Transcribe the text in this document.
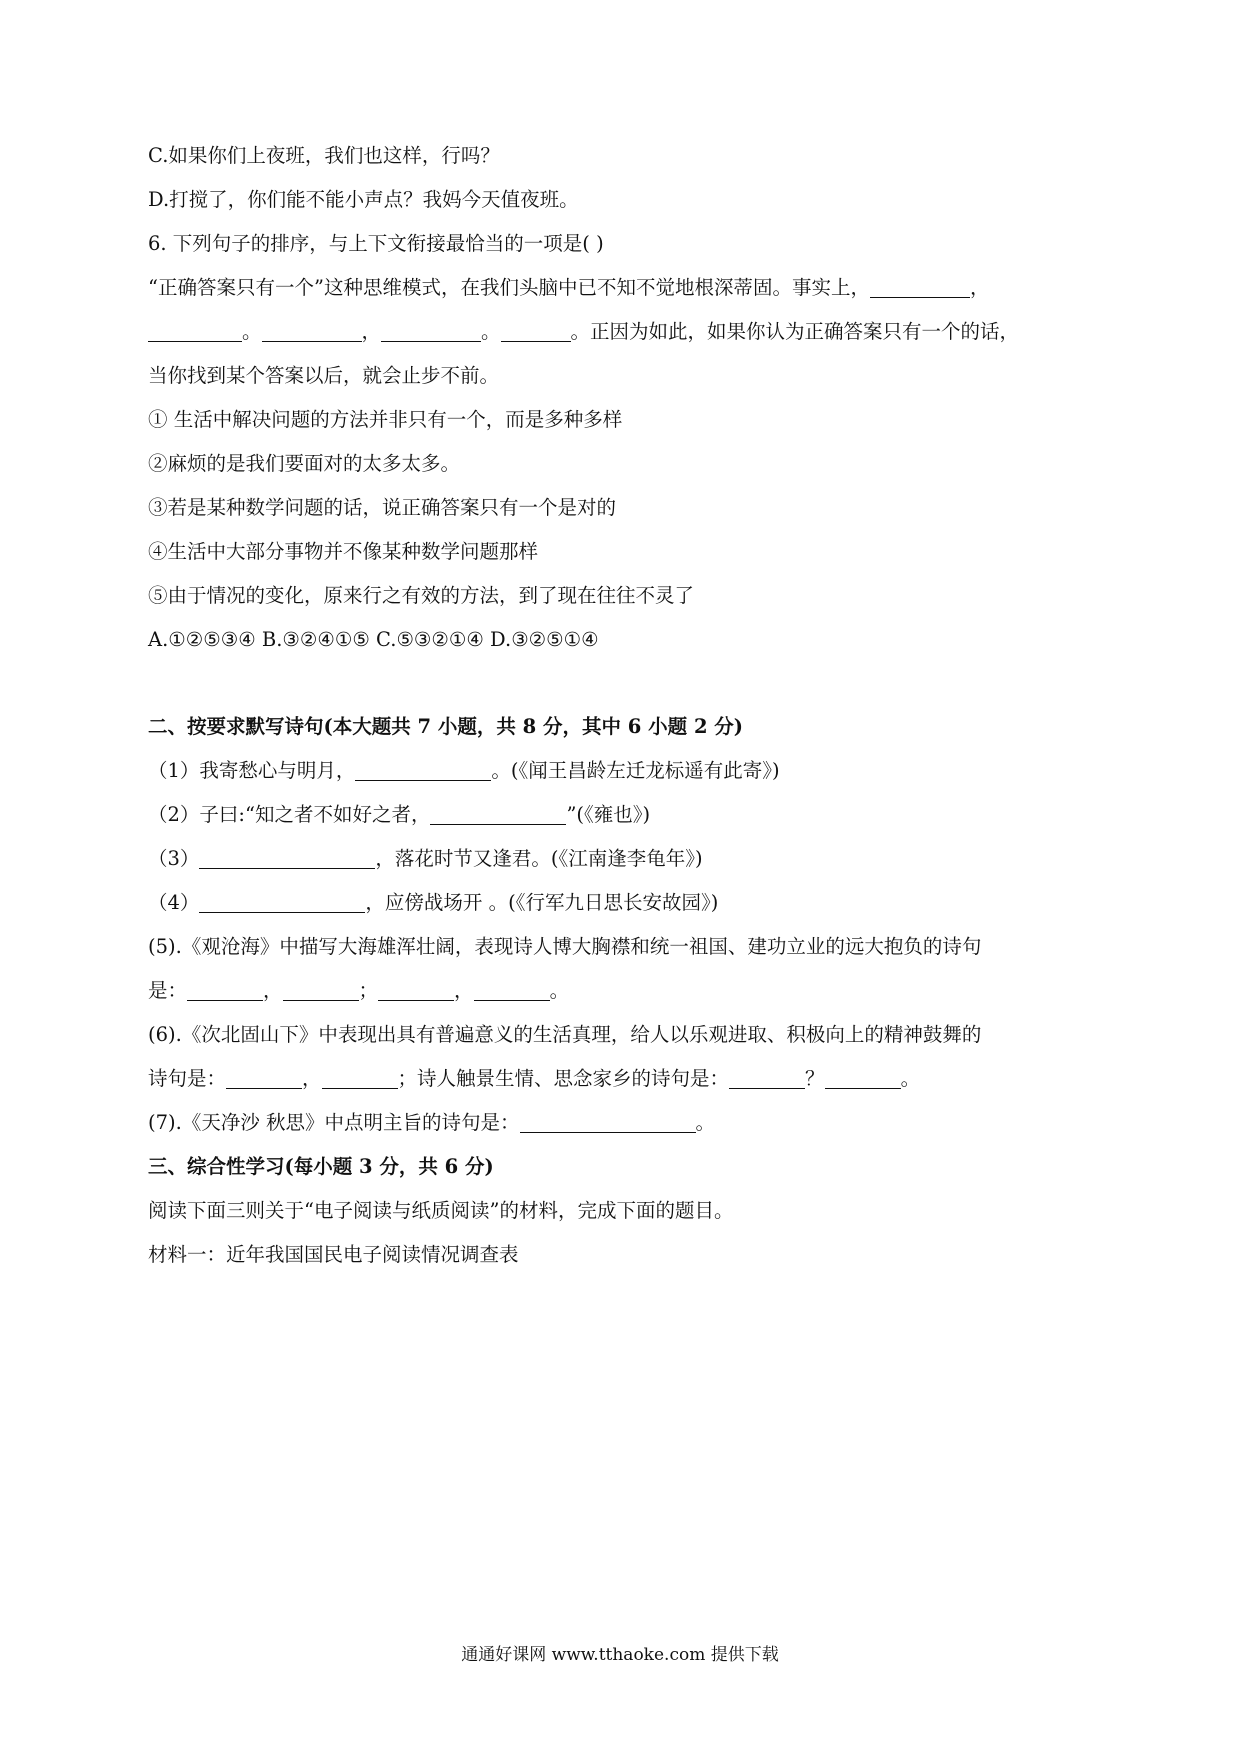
C.如果你们上夜班，我们也这样，行吗？
D.打搅了，你们能不能小声点？我妈今天值夜班。
6. 下列句子的排序，与上下文衔接最恰当的一项是( )
“正确答案只有一个”这种思维模式，在我们头脑中已不知不觉地根深蒂固。事实上，	，
。	，	。	。正因为如此，如果你认为正确答案只有一个的话，
当你找到某个答案以后，就会止步不前。
① 生活中解决问题的方法并非只有一个，而是多种多样
②麻烦的是我们要面对的太多太多。
③若是某种数学问题的话，说正确答案只有一个是对的
④生活中大部分事物并不像某种数学问题那样
⑤由于情况的变化，原来行之有效的方法，到了现在往往不灵了
A.①②⑤③④ B.③②④①⑤ C.⑤③②①④ D.③②⑤①④
二、按要求默写诗句(本大题共 7 小题，共 8 分，其中 6 小题 2 分)
（1）我寄愁心与明月，	。(《闻王昌龄左迁龙标遥有此寄》)
（2）子曰:“知之者不如好之者，	”(《雍也》)
（3）	，落花时节又逢君。(《江南逢李龟年》)
（4）	，应傍战场开 。(《行军九日思长安故园》)
(5).《观沧海》中描写大海雄浑壮阔，表现诗人博大胸襟和统一祖国、建功立业的远大抱负的诗句
是：	，	；	，	。
(6).《次北固山下》中表现出具有普遍意义的生活真理，给人以乐观进取、积极向上的精神鼓舞的
诗句是：	，	；诗人触景生情、思念家乡的诗句是：	？	。
(7).《天净沙 秋思》中点明主旨的诗句是：	。
三、综合性学习(每小题 3 分，共 6 分)
阅读下面三则关于“电子阅读与纸质阅读”的材料，完成下面的题目。
材料一：近年我国国民电子阅读情况调查表
通通好课网 www.tthaoke.com 提供下载
